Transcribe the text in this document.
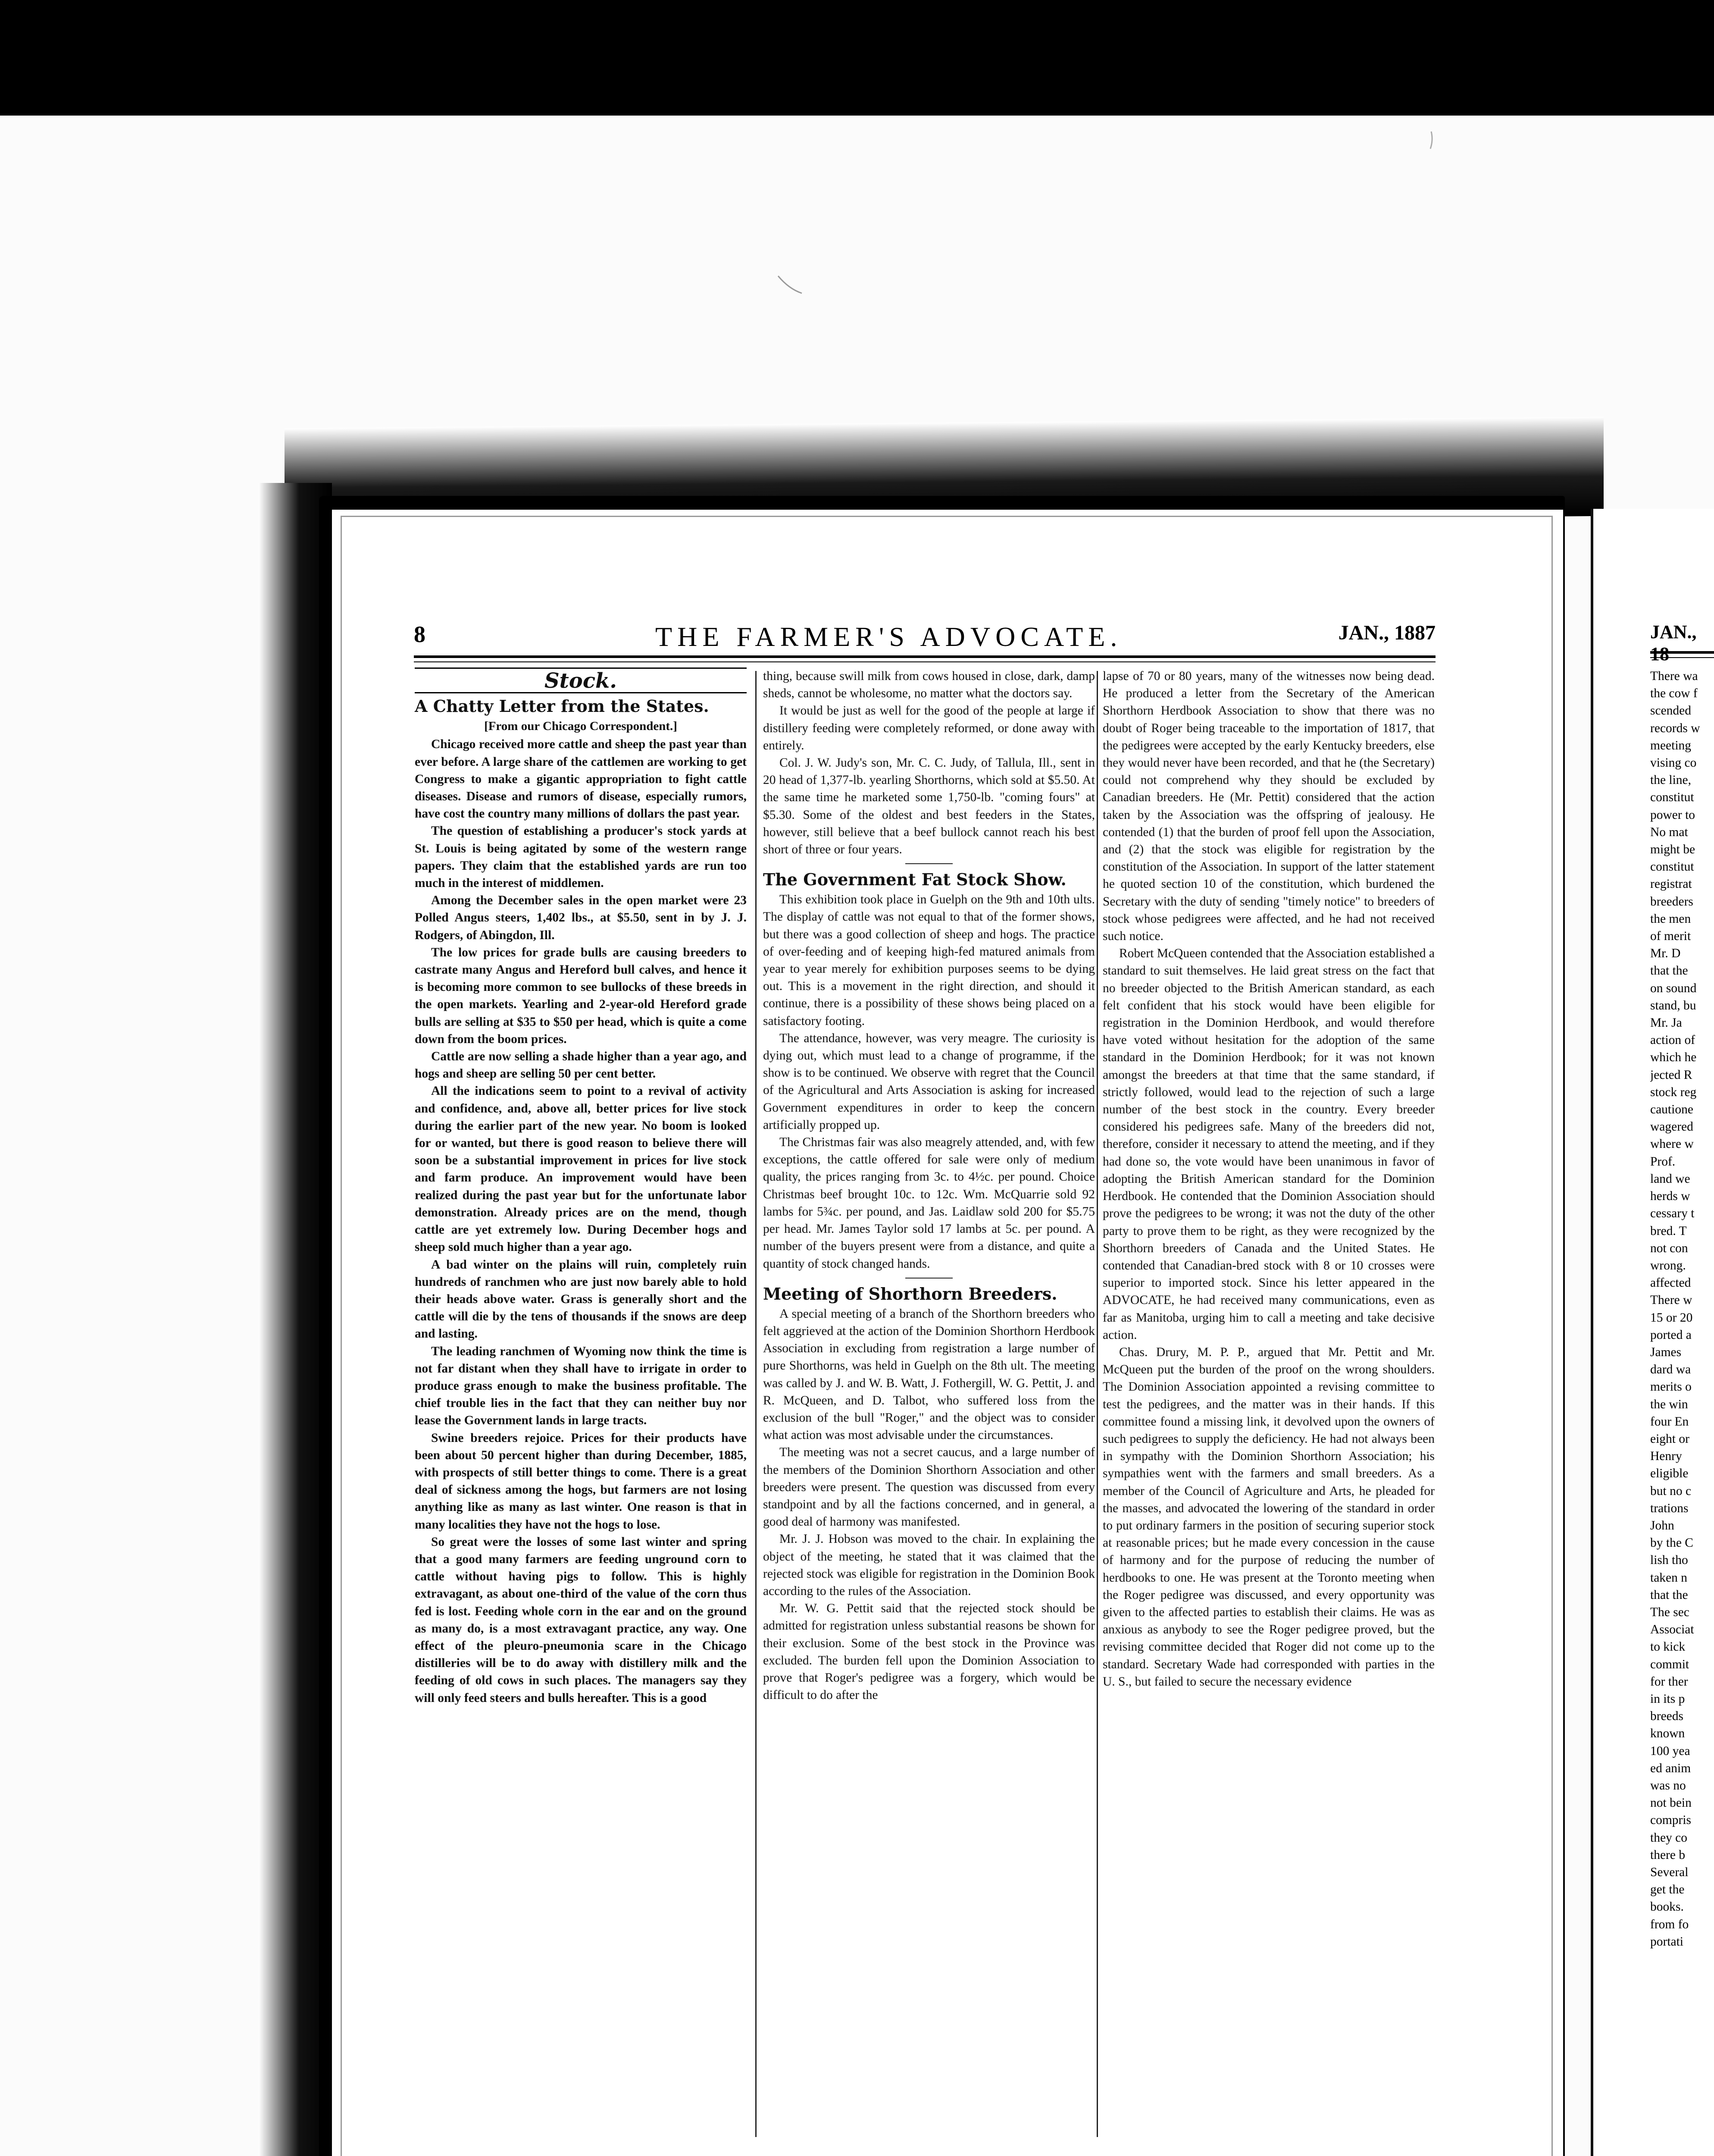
8	THE FARMER'S ADVOCATE.	JAN., 1887
Stock.
A Chatty Letter from the States.
[From our Chicago Correspondent.]

Chicago received more cattle and sheep the past year than ever before. A large share of the cattlemen are working to get Congress to make a gigantic appropriation to fight cattle diseases. Disease and rumors of disease, especially rumors, have cost the country many millions of dollars the past year.

The question of establishing a producer's stock yards at St. Louis is being agitated by some of the western range papers. They claim that the established yards are run too much in the interest of middlemen.

Among the December sales in the open market were 23 Polled Angus steers, 1,402 lbs., at $5.50, sent in by J. J. Rodgers, of Abingdon, Ill.

The low prices for grade bulls are causing breeders to castrate many Angus and Hereford bull calves, and hence it is becoming more common to see bullocks of these breeds in the open markets. Yearling and 2-year-old Hereford grade bulls are selling at $35 to $50 per head, which is quite a come down from the boom prices.

Cattle are now selling a shade higher than a year ago, and hogs and sheep are selling 50 per cent better.

All the indications seem to point to a revival of activity and confidence, and, above all, better prices for live stock during the earlier part of the new year. No boom is looked for or wanted, but there is good reason to believe there will soon be a substantial improvement in prices for live stock and farm produce. An improvement would have been realized during the past year but for the unfortunate labor demonstration. Already prices are on the mend, though cattle are yet extremely low. During December hogs and sheep sold much higher than a year ago.

A bad winter on the plains will ruin, completely ruin hundreds of ranchmen who are just now barely able to hold their heads above water. Grass is generally short and the cattle will die by the tens of thousands if the snows are deep and lasting.

The leading ranchmen of Wyoming now think the time is not far distant when they shall have to irrigate in order to produce grass enough to make the business profitable. The chief trouble lies in the fact that they can neither buy nor lease the Government lands in large tracts.

Swine breeders rejoice. Prices for their products have been about 50 percent higher than during December, 1885, with prospects of still better things to come. There is a great deal of sickness among the hogs, but farmers are not losing anything like as many as last winter. One reason is that in many localities they have not the hogs to lose.

So great were the losses of some last winter and spring that a good many farmers are feeding unground corn to cattle without having pigs to follow. This is highly extravagant, as about one-third of the value of the corn thus fed is lost. Feeding whole corn in the ear and on the ground as many do, is a most extravagant practice, any way. One effect of the pleuro-pneumonia scare in the Chicago distilleries will be to do away with distillery milk and the feeding of old cows in such places. The managers say they will only feed steers and bulls hereafter. This is a good

thing, because swill milk from cows housed in close, dark, damp sheds, cannot be wholesome, no matter what the doctors say.

It would be just as well for the good of the people at large if distillery feeding were completely reformed, or done away with entirely.

Col. J. W. Judy's son, Mr. C. C. Judy, of Tallula, Ill., sent in 20 head of 1,377-lb. yearling Shorthorns, which sold at $5.50. At the same time he marketed some 1,750-lb. "coming fours" at $5.30. Some of the oldest and best feeders in the States, however, still believe that a beef bullock cannot reach his best short of three or four years.

The Government Fat Stock Show.

This exhibition took place in Guelph on the 9th and 10th ults. The display of cattle was not equal to that of the former shows, but there was a good collection of sheep and hogs. The practice of over-feeding and of keeping high-fed matured animals from year to year merely for exhibition purposes seems to be dying out. This is a movement in the right direction, and should it continue, there is a possibility of these shows being placed on a satisfactory footing.

The attendance, however, was very meagre. The curiosity is dying out, which must lead to a change of programme, if the show is to be continued. We observe with regret that the Council of the Agricultural and Arts Association is asking for increased Government expenditures in order to keep the concern artificially propped up.

The Christmas fair was also meagrely attended, and, with few exceptions, the cattle offered for sale were only of medium quality, the prices ranging from 3c. to 4½c. per pound. Choice Christmas beef brought 10c. to 12c. Wm. McQuarrie sold 92 lambs for 5¾c. per pound, and Jas. Laidlaw sold 200 for $5.75 per head. Mr. James Taylor sold 17 lambs at 5c. per pound. A number of the buyers present were from a distance, and quite a quantity of stock changed hands.

Meeting of Shorthorn Breeders.

A special meeting of a branch of the Shorthorn breeders who felt aggrieved at the action of the Dominion Shorthorn Herdbook Association in excluding from registration a large number of pure Shorthorns, was held in Guelph on the 8th ult. The meeting was called by J. and W. B. Watt, J. Fothergill, W. G. Pettit, J. and R. McQueen, and D. Talbot, who suffered loss from the exclusion of the bull "Roger," and the object was to consider what action was most advisable under the circumstances.

The meeting was not a secret caucus, and a large number of the members of the Dominion Shorthorn Association and other breeders were present. The question was discussed from every standpoint and by all the factions concerned, and in general, a good deal of harmony was manifested.

Mr. J. J. Hobson was moved to the chair. In explaining the object of the meeting, he stated that it was claimed that the rejected stock was eligible for registration in the Dominion Book according to the rules of the Association.

Mr. W. G. Pettit said that the rejected stock should be admitted for registration unless substantial reasons be shown for their exclusion. Some of the best stock in the Province was excluded. The burden fell upon the Dominion Association to prove that Roger's pedigree was a forgery, which would be difficult to do after the

lapse of 70 or 80 years, many of the witnesses now being dead. He produced a letter from the Secretary of the American Shorthorn Herdbook Association to show that there was no doubt of Roger being traceable to the importation of 1817, that the pedigrees were accepted by the early Kentucky breeders, else they would never have been recorded, and that he (the Secretary) could not comprehend why they should be excluded by Canadian breeders. He (Mr. Pettit) considered that the action taken by the Association was the offspring of jealousy. He contended (1) that the burden of proof fell upon the Association, and (2) that the stock was eligible for registration by the constitution of the Association. In support of the latter statement he quoted section 10 of the constitution, which burdened the Secretary with the duty of sending "timely notice" to breeders of stock whose pedigrees were affected, and he had not received such notice.

Robert McQueen contended that the Association established a standard to suit themselves. He laid great stress on the fact that no breeder objected to the British American standard, as each felt confident that his stock would have been eligible for registration in the Dominion Herdbook, and would therefore have voted without hesitation for the adoption of the same standard in the Dominion Herdbook; for it was not known amongst the breeders at that time that the same standard, if strictly followed, would lead to the rejection of such a large number of the best stock in the country. Every breeder considered his pedigrees safe. Many of the breeders did not, therefore, consider it necessary to attend the meeting, and if they had done so, the vote would have been unanimous in favor of adopting the British American standard for the Dominion Herdbook. He contended that the Dominion Association should prove the pedigrees to be wrong; it was not the duty of the other party to prove them to be right, as they were recognized by the Shorthorn breeders of Canada and the United States. He contended that Canadian-bred stock with 8 or 10 crosses were superior to imported stock. Since his letter appeared in the ADVOCATE, he had received many communications, even as far as Manitoba, urging him to call a meeting and take decisive action.

Chas. Drury, M. P. P., argued that Mr. Pettit and Mr. McQueen put the burden of the proof on the wrong shoulders. The Dominion Association appointed a revising committee to test the pedigrees, and the matter was in their hands. If this committee found a missing link, it devolved upon the owners of such pedigrees to supply the deficiency. He had not always been in sympathy with the Dominion Shorthorn Association; his sympathies went with the farmers and small breeders. As a member of the Council of Agriculture and Arts, he pleaded for the masses, and advocated the lowering of the standard in order to put ordinary farmers in the position of securing superior stock at reasonable prices; but he made every concession in the cause of harmony and for the purpose of reducing the number of herdbooks to one. He was present at the Toronto meeting when the Roger pedigree was discussed, and every opportunity was given to the affected parties to establish their claims. He was as anxious as anybody to see the Roger pedigree proved, but the revising committee decided that Roger did not come up to the standard. Secretary Wade had corresponded with parties in the U. S., but failed to secure the necessary evidence

JAN., 18
There wa
the cow f
scended
records w
meeting
vising co
the line,
constitut
power to
No mat
might be
constitut
registrat
breeders
the men
of merit
Mr. D
that the
on sound
stand, bu
Mr. Ja
action of
which he
jected R
stock reg
cautione
wagered
where w
Prof.
land we
herds w
cessary t
bred. T
not con
wrong.
affected
There w
15 or 20
ported a
James
dard wa
merits o
the win
four En
eight or
Henry
eligible
but no c
trations
John
by the C
lish tho
taken n
that the
The sec
Associat
to kick
commit
for ther
in its p
breeds
known
100 yea
ed anim
was no
not bein
compris
they co
there b
Several
get the
books.
from fo
portati
